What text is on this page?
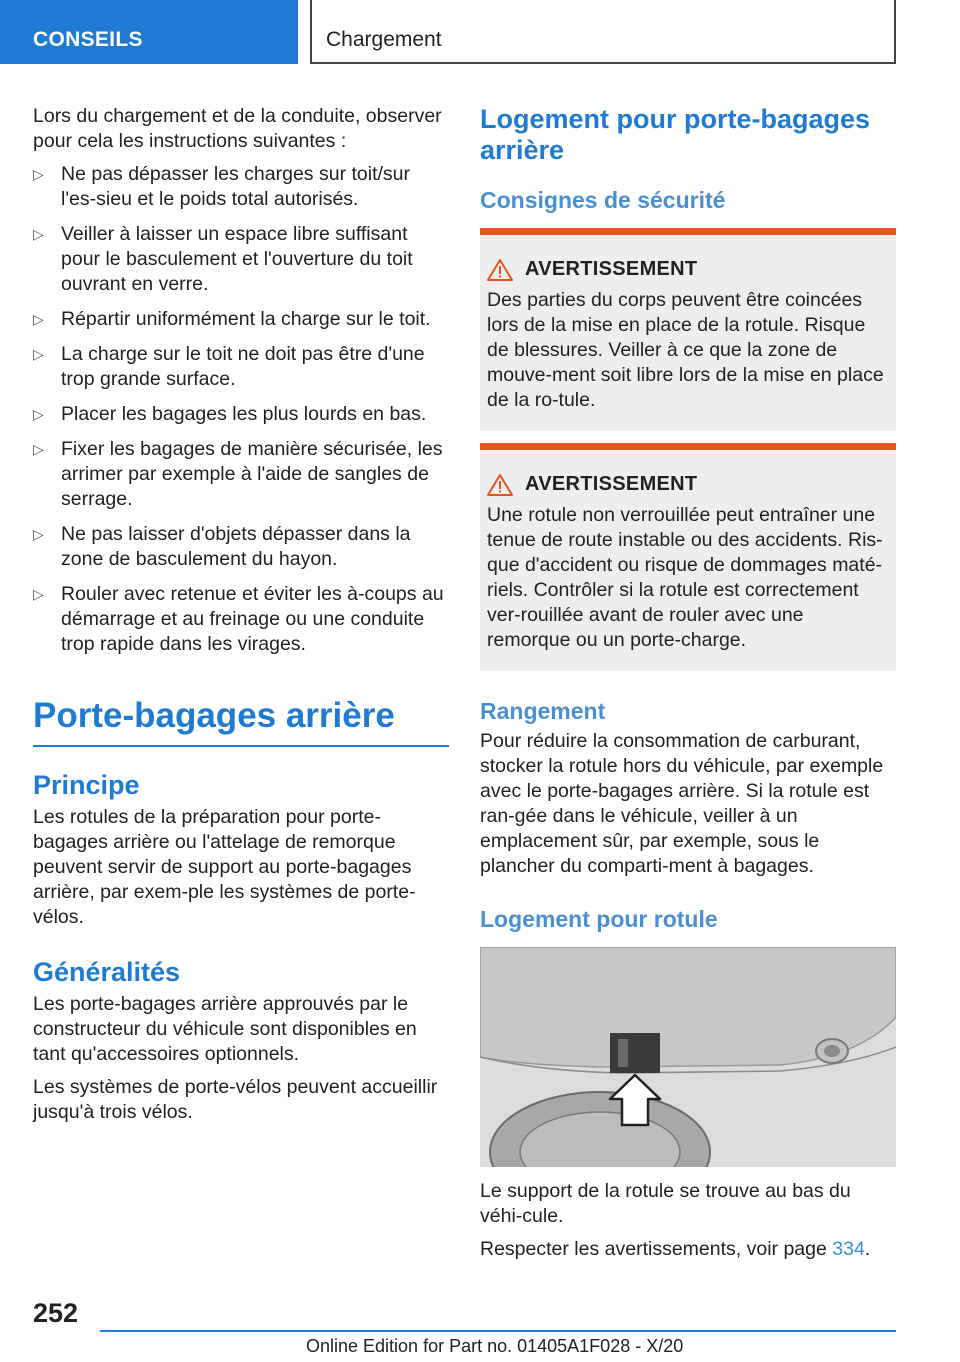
CONSEILS	Chargement

Lors du chargement et de la conduite, observer pour cela les instructions suivantes :

▷ Ne pas dépasser les charges sur toit/sur l'es-sieu et le poids total autorisés.
▷ Veiller à laisser un espace libre suffisant pour le basculement et l'ouverture du toit ouvrant en verre.
▷ Répartir uniformément la charge sur le toit.
▷ La charge sur le toit ne doit pas être d'une trop grande surface.
▷ Placer les bagages les plus lourds en bas.
▷ Fixer les bagages de manière sécurisée, les arrimer par exemple à l'aide de sangles de serrage.
▷ Ne pas laisser d'objets dépasser dans la zone de basculement du hayon.
▷ Rouler avec retenue et éviter les à-coups au démarrage et au freinage ou une conduite trop rapide dans les virages.
Porte-bagages arrière
Principe

Les rotules de la préparation pour porte-bagages arrière ou l'attelage de remorque peuvent servir de support au porte-bagages arrière, par exem-ple les systèmes de porte-vélos.

Généralités

Les porte-bagages arrière approuvés par le constructeur du véhicule sont disponibles en tant qu'accessoires optionnels.

Les systèmes de porte-vélos peuvent accueillir jusqu'à trois vélos.

Logement pour porte-bagages arrière
Consignes de sécurité
AVERTISSEMENT
Des parties du corps peuvent être coincées lors de la mise en place de la rotule. Risque de blessures. Veiller à ce que la zone de mouve-ment soit libre lors de la mise en place de la ro-tule.
AVERTISSEMENT
Une rotule non verrouillée peut entraîner une tenue de route instable ou des accidents. Ris-que d'accident ou risque de dommages maté-riels. Contrôler si la rotule est correctement ver-rouillée avant de rouler avec une remorque ou un porte-charge.
Rangement

Pour réduire la consommation de carburant, stocker la rotule hors du véhicule, par exemple avec le porte-bagages arrière. Si la rotule est ran-gée dans le véhicule, veiller à un emplacement sûr, par exemple, sous le plancher du comparti-ment à bagages.

Logement pour rotule

Le support de la rotule se trouve au bas du véhi-cule.

Respecter les avertissements, voir page 334.

252
Online Edition for Part no. 01405A1F028 - X/20
